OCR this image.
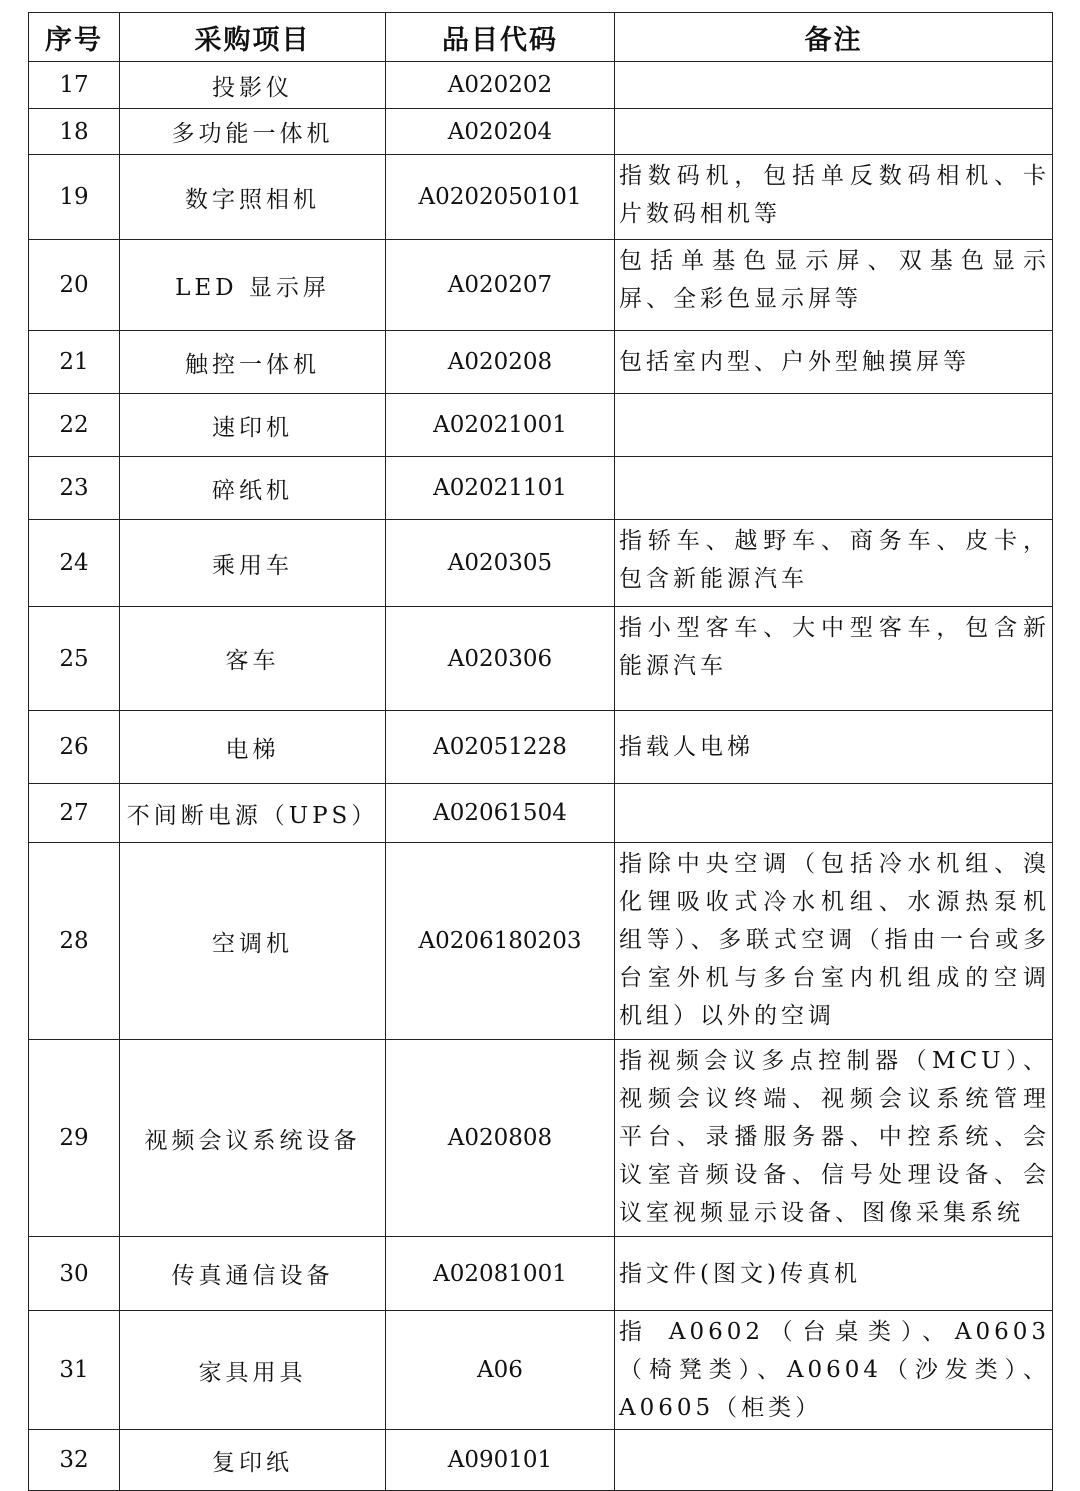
序号	采购项目	品目代码	备注
17	投影仪	A020202	
18	多功能一体机	A020204	
19	数字照相机	A0202050101	指数码机，包括单反数码相机、卡片数码相机等
20	LED 显示屏	A020207	包括单基色显示屏、双基色显示屏、全彩色显示屏等
21	触控一体机	A020208	包括室内型、户外型触摸屏等
22	速印机	A02021001	
23	碎纸机	A02021101	
24	乘用车	A020305	指轿车、越野车、商务车、皮卡，包含新能源汽车
25	客车	A020306	指小型客车、大中型客车，包含新能源汽车
26	电梯	A02051228	指载人电梯
27	不间断电源（UPS）	A02061504	
28	空调机	A0206180203	指除中央空调（包括冷水机组、溴化锂吸收式冷水机组、水源热泵机组等）、多联式空调（指由一台或多台室外机与多台室内机组成的空调机组）以外的空调
29	视频会议系统设备	A020808	指视频会议多点控制器（MCU）、视频会议终端、视频会议系统管理平台、录播服务器、中控系统、会议室音频设备、信号处理设备、会议室视频显示设备、图像采集系统
30	传真通信设备	A02081001	指文件(图文)传真机
31	家具用具	A06	指 A0602（台桌类）、A0603（椅凳类）、A0604（沙发类）、A0605（柜类）
32	复印纸	A090101	
